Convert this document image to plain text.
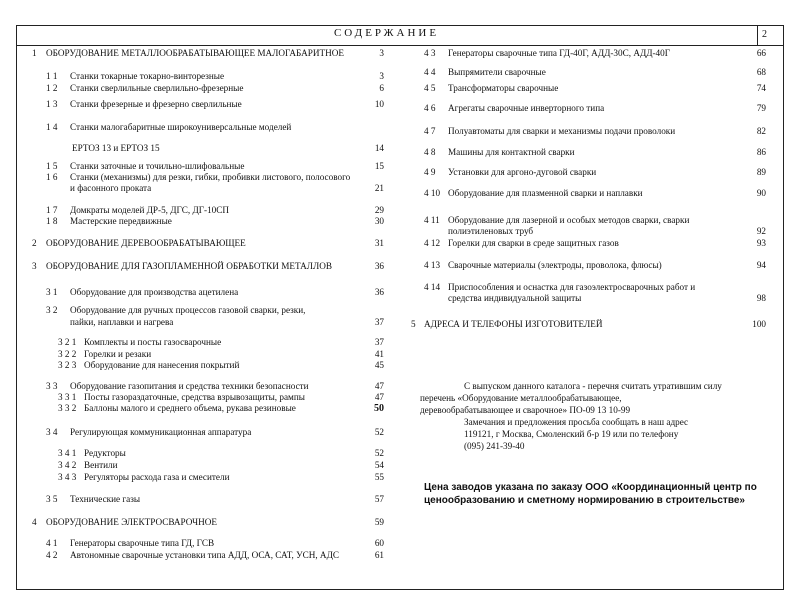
СОДЕРЖАНИЕ	2
1 ОБОРУДОВАНИЕ МЕТАЛЛООБРАБАТЫВАЮЩЕЕ МАЛОГАБАРИТНОЕ	3
1 1 Станки токарные токарно-винторезные	3
1 2 Станки сверлильные сверлильно-фрезерные	6
1 3 Станки фрезерные и фрезерно сверлильные	10
1 4 Станки малогабаритные широкоуниверсальные моделей
ЕРТОЗ 13 и ЕРТОЗ 15	14
1 5 Станки заточные и точильно-шлифовальные	15
1 6 Станки (механизмы) для резки, гибки, пробивки листового, полосового
и фасонного проката	21
1 7 Домкраты моделей ДР-5, ДГС, ДГ-10СП	29
1 8 Мастерские передвижные	30
2 ОБОРУДОВАНИЕ ДЕРЕВООБРАБАТЫВАЮЩЕЕ	31
3 ОБОРУДОВАНИЕ ДЛЯ ГАЗОПЛАМЕННОЙ ОБРАБОТКИ МЕТАЛЛОВ	36
3 1 Оборудование для производства ацетилена	36
3 2 Оборудование для ручных процессов газовой сварки, резки,
пайки, наплавки и нагрева	37
3 2 1 Комплекты и посты газосварочные	37
3 2 2 Горелки и резаки	41
3 2 3 Оборудование для нанесения покрытий	45
3 3 Оборудование газопитания и средства техники безопасности	47
3 3 1 Посты газораздаточные, средства взрывозащиты, рампы	47
3 3 2 Баллоны малого и среднего объема, рукава резиновые	50
3 4 Регулирующая коммуникационная аппаратура	52
3 4 1 Редукторы	52
3 4 2 Вентили	54
3 4 3 Регуляторы расхода газа и смесители	55
3 5 Технические газы	57
4 ОБОРУДОВАНИЕ ЭЛЕКТРОСВАРОЧНОЕ	59
4 1 Генераторы сварочные типа ГД, ГСВ	60
4 2 Автономные сварочные установки типа АДД, ОСА, САТ, УСН, АДС	61
4 3 Генераторы сварочные типа ГД-40Г, АДД-30С, АДД-40Г	66
4 4 Выпрямители сварочные	68
4 5 Трансформаторы сварочные	74
4 6 Агрегаты сварочные инверторного типа	79
4 7 Полуавтоматы для сварки и механизмы подачи проволоки	82
4 8 Машины для контактной сварки	86
4 9 Установки для аргоно-дуговой сварки	89
4 10 Оборудование для плазменной сварки и наплавки	90
4 11 Оборудование для лазерной и особых методов сварки, сварки
полиэтиленовых труб	92
4 12 Горелки для сварки в среде защитных газов	93
4 13 Сварочные материалы (электроды, проволока, флюсы)	94
4 14 Приспособления и оснастка для газоэлектросварочных работ и
средства индивидуальной защиты	98
5 АДРЕСА И ТЕЛЕФОНЫ ИЗГОТОВИТЕЛЕЙ	100
С выпуском данного каталога - перечня считать утратившим силу
перечень «Оборудование металлообрабатывающее,
деревообрабатывающее и сварочное» ПО-09 13 10-99
Замечания и предложения просьба сообщать в наш адрес
119121, г Москва, Смоленский б-р 19 или по телефону
(095) 241-39-40
Цена заводов указана по заказу ООО «Координационный центр по
ценообразованию и сметному нормированию в строительстве»
